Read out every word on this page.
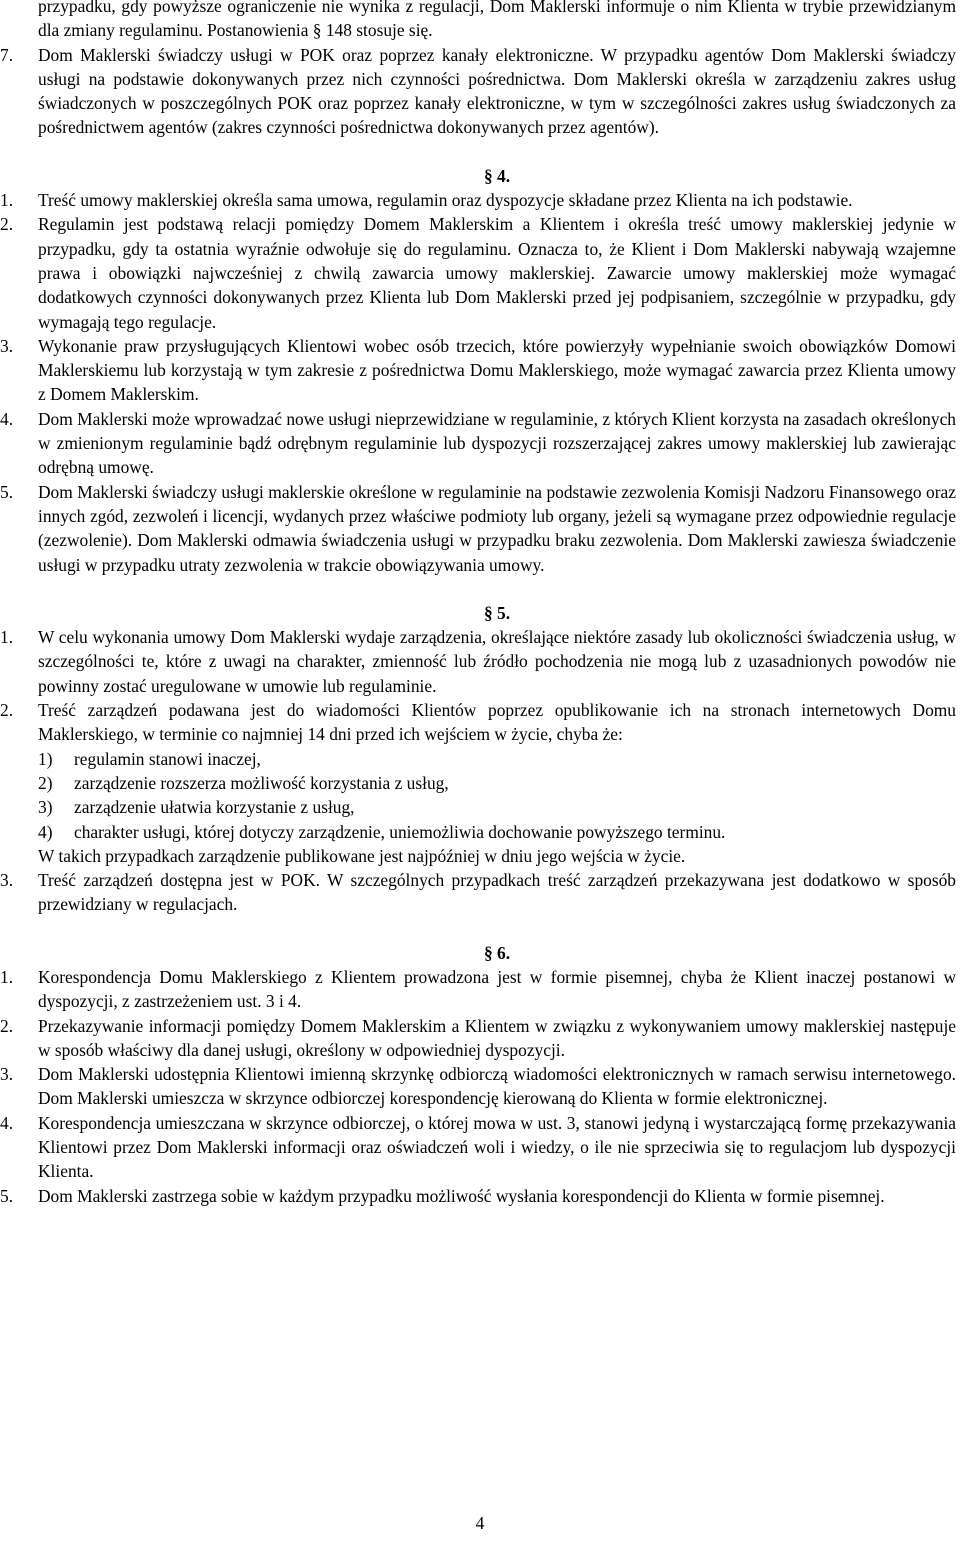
przypadku, gdy powyższe ograniczenie nie wynika z regulacji, Dom Maklerski informuje o nim Klienta w trybie przewidzianym dla zmiany regulaminu. Postanowienia § 148 stosuje się.
7.	Dom Maklerski świadczy usługi w POK oraz poprzez kanały elektroniczne. W przypadku agentów Dom Maklerski świadczy usługi na podstawie dokonywanych przez nich czynności pośrednictwa. Dom Maklerski określa w zarządzeniu zakres usług świadczonych w poszczególnych POK oraz poprzez kanały elektroniczne, w tym w szczególności zakres usług świadczonych za pośrednictwem agentów (zakres czynności pośrednictwa dokonywanych przez agentów).
§ 4.
1.	Treść umowy maklerskiej określa sama umowa, regulamin oraz dyspozycje składane przez Klienta na ich podstawie.
2.	Regulamin jest podstawą relacji pomiędzy Domem Maklerskim a Klientem i określa treść umowy maklerskiej jedynie w przypadku, gdy ta ostatnia wyraźnie odwołuje się do regulaminu. Oznacza to, że Klient i Dom Maklerski nabywają wzajemne prawa i obowiązki najwcześniej z chwilą zawarcia umowy maklerskiej. Zawarcie umowy maklerskiej może wymagać dodatkowych czynności dokonywanych przez Klienta lub Dom Maklerski przed jej podpisaniem, szczególnie w przypadku, gdy wymagają tego regulacje.
3.	Wykonanie praw przysługujących Klientowi wobec osób trzecich, które powierzyły wypełnianie swoich obowiązków Domowi Maklerskiemu lub korzystają w tym zakresie z pośrednictwa Domu Maklerskiego, może wymagać zawarcia przez Klienta umowy z Domem Maklerskim.
4.	Dom Maklerski może wprowadzać nowe usługi nieprzewidziane w regulaminie, z których Klient korzysta na zasadach określonych w zmienionym regulaminie bądź odrębnym regulaminie lub dyspozycji rozszerzającej zakres umowy maklerskiej lub zawierając odrębną umowę.
5.	Dom Maklerski świadczy usługi maklerskie określone w regulaminie na podstawie zezwolenia Komisji Nadzoru Finansowego oraz innych zgód, zezwoleń i licencji, wydanych przez właściwe podmioty lub organy, jeżeli są wymagane przez odpowiednie regulacje (zezwolenie). Dom Maklerski odmawia świadczenia usługi w przypadku braku zezwolenia. Dom Maklerski zawiesza świadczenie usługi w przypadku utraty zezwolenia w trakcie obowiązywania umowy.
§ 5.
1.	W celu wykonania umowy Dom Maklerski wydaje zarządzenia, określające niektóre zasady lub okoliczności świadczenia usług, w szczególności te, które z uwagi na charakter, zmienność lub źródło pochodzenia nie mogą lub z uzasadnionych powodów nie powinny zostać uregulowane w umowie lub regulaminie.
2.	Treść zarządzeń podawana jest do wiadomości Klientów poprzez opublikowanie ich na stronach internetowych Domu Maklerskiego, w terminie co najmniej 14 dni przed ich wejściem w życie, chyba że:
1) regulamin stanowi inaczej,
2) zarządzenie rozszerza możliwość korzystania z usług,
3) zarządzenie ułatwia korzystanie z usług,
4) charakter usługi, której dotyczy zarządzenie, uniemożliwia dochowanie powyższego terminu.
W takich przypadkach zarządzenie publikowane jest najpóźniej w dniu jego wejścia w życie.
3.	Treść zarządzeń dostępna jest w POK. W szczególnych przypadkach treść zarządzeń przekazywana jest dodatkowo w sposób przewidziany w regulacjach.
§ 6.
1.	Korespondencja Domu Maklerskiego z Klientem prowadzona jest w formie pisemnej, chyba że Klient inaczej postanowi w dyspozycji, z zastrzeżeniem ust. 3 i 4.
2.	Przekazywanie informacji pomiędzy Domem Maklerskim a Klientem w związku z wykonywaniem umowy maklerskiej następuje w sposób właściwy dla danej usługi, określony w odpowiedniej dyspozycji.
3.	Dom Maklerski udostępnia Klientowi imienną skrzynkę odbiorczą wiadomości elektronicznych w ramach serwisu internetowego. Dom Maklerski umieszcza w skrzynce odbiorczej korespondencję kierowaną do Klienta w formie elektronicznej.
4.	Korespondencja umieszczana w skrzynce odbiorczej, o której mowa w ust. 3, stanowi jedyną i wystarczającą formę przekazywania Klientowi przez Dom Maklerski informacji oraz oświadczeń woli i wiedzy, o ile nie sprzeciwia się to regulacjom lub dyspozycji Klienta.
5.	Dom Maklerski zastrzega sobie w każdym przypadku możliwość wysłania korespondencji do Klienta w formie pisemnej.
4
